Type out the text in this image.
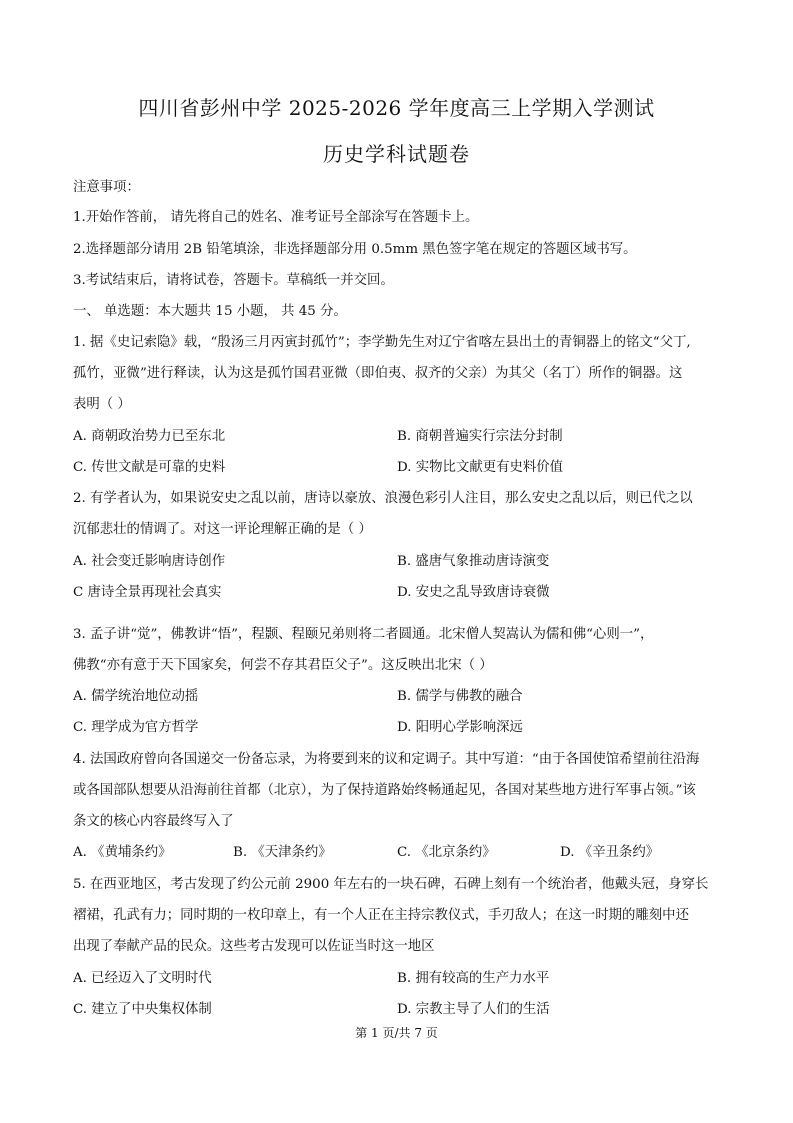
四川省彭州中学 2025-2026 学年度高三上学期入学测试
历史学科试题卷
注意事项：
1.开始作答前， 请先将自己的姓名、准考证号全部涂写在答题卡上。
2.选择题部分请用 2B 铅笔填涂，非选择题部分用 0.5mm 黑色签字笔在规定的答题区域书写。
3.考试结束后，请将试卷，答题卡。草稿纸一并交回。
一、 单选题：本大题共 15 小题， 共 45 分。
1. 据《史记索隐》载，“殷汤三月丙寅封孤竹”；李学勤先生对辽宁省喀左县出土的青铜器上的铭文“父丁,
孤竹，亚微”进行释读，认为这是孤竹国君亚微（即伯夷、叔齐的父亲）为其父（名丁）所作的铜器。这
表明（ ）
A. 商朝政治势力已至东北	B. 商朝普遍实行宗法分封制
C. 传世文献是可靠的史料	D. 实物比文献更有史料价值
2. 有学者认为，如果说安史之乱以前，唐诗以豪放、浪漫色彩引人注目，那么安史之乱以后，则已代之以
沉郁悲壮的情调了。对这一评论理解正确的是（ ）
A. 社会变迁影响唐诗创作	B. 盛唐气象推动唐诗演变
C 唐诗全景再现社会真实	D. 安史之乱导致唐诗衰微
3. 孟子讲“觉”，佛教讲“悟”，程颢、程颐兄弟则将二者圆通。北宋僧人契嵩认为儒和佛“心则一”，
佛教“亦有意于天下国家矣，何尝不存其君臣父子”。这反映出北宋（ ）
A. 儒学统治地位动摇	B. 儒学与佛教的融合
C. 理学成为官方哲学	D. 阳明心学影响深远
4. 法国政府曾向各国递交一份备忘录，为将要到来的议和定调子。其中写道：“由于各国使馆希望前往沿海
或各国部队想要从沿海前往首都（北京），为了保持道路始终畅通起见，各国对某些地方进行军事占领。”该
条文的核心内容最终写入了
A. 《黄埔条约》	B. 《天津条约》	C. 《北京条约》	D. 《辛丑条约》
5. 在西亚地区，考古发现了约公元前 2900 年左右的一块石碑，石碑上刻有一个统治者，他戴头冠，身穿长
褶裙，孔武有力；同时期的一枚印章上，有一个人正在主持宗教仪式，手刃敌人；在这一时期的雕刻中还
出现了奉献产品的民众。这些考古发现可以佐证当时这一地区
A. 已经迈入了文明时代	B. 拥有较高的生产力水平
C. 建立了中央集权体制	D. 宗教主导了人们的生活
第 1 页/共 7 页
